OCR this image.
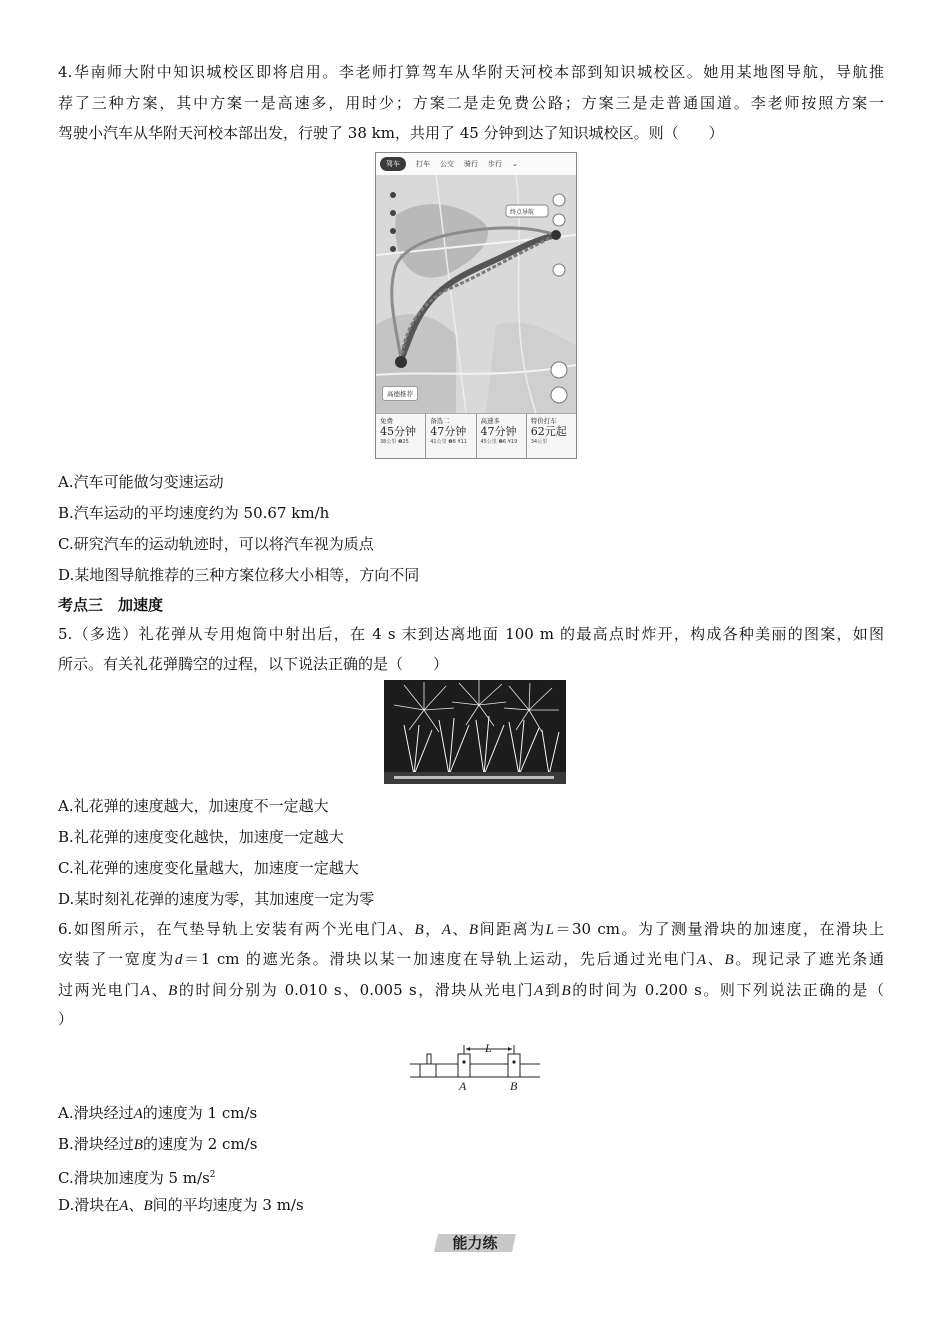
4.华南师大附中知识城校区即将启用。李老师打算驾车从华附天河校本部到知识城校区。她用某地图导航，导航推
荐了三种方案，其中方案一是高速多，用时少；方案二是走免费公路；方案三是走普通国道。李老师按照方案一
驾驶小汽车从华附天河校本部出发，行驶了 38 km，共用了 45 分钟到达了知识城校区。则（　　）
驾车	打车 公交 骑行 步行 ⌄
终点导航
高德推荐
免费
45分钟
38公里 ❷25
备选二
47分钟
41公里 ❷8 ¥11
高速多
47分钟
45公里 ❷6 ¥19
特价打车
62元起
34公里
A.汽车可能做匀变速运动
B.汽车运动的平均速度约为 50.67 km/h
C.研究汽车的运动轨迹时，可以将汽车视为质点
D.某地图导航推荐的三种方案位移大小相等，方向不同
考点三　加速度
5.（多选）礼花弹从专用炮筒中射出后，在 4 s 末到达离地面 100 m 的最高点时炸开，构成各种美丽的图案，如图
所示。有关礼花弹腾空的过程，以下说法正确的是（　　）
A.礼花弹的速度越大，加速度不一定越大
B.礼花弹的速度变化越快，加速度一定越大
C.礼花弹的速度变化量越大，加速度一定越大
D.某时刻礼花弹的速度为零，其加速度一定为零
6.如图所示，在气垫导轨上安装有两个光电门A、B，A、B间距离为L＝30 cm。为了测量滑块的加速度，在滑块上
安装了一宽度为d＝1 cm 的遮光条。滑块以某一加速度在导轨上运动，先后通过光电门A、B。现记录了遮光条通
过两光电门A、B的时间分别为 0.010 s、0.005 s，滑块从光电门A到B的时间为 0.200 s。则下列说法正确的是（
）
L
A	B
A.滑块经过A的速度为 1 cm/s
B.滑块经过B的速度为 2 cm/s
C.滑块加速度为 5 $m/s^2$
D.滑块在A、B间的平均速度为 3 m/s
能力练
